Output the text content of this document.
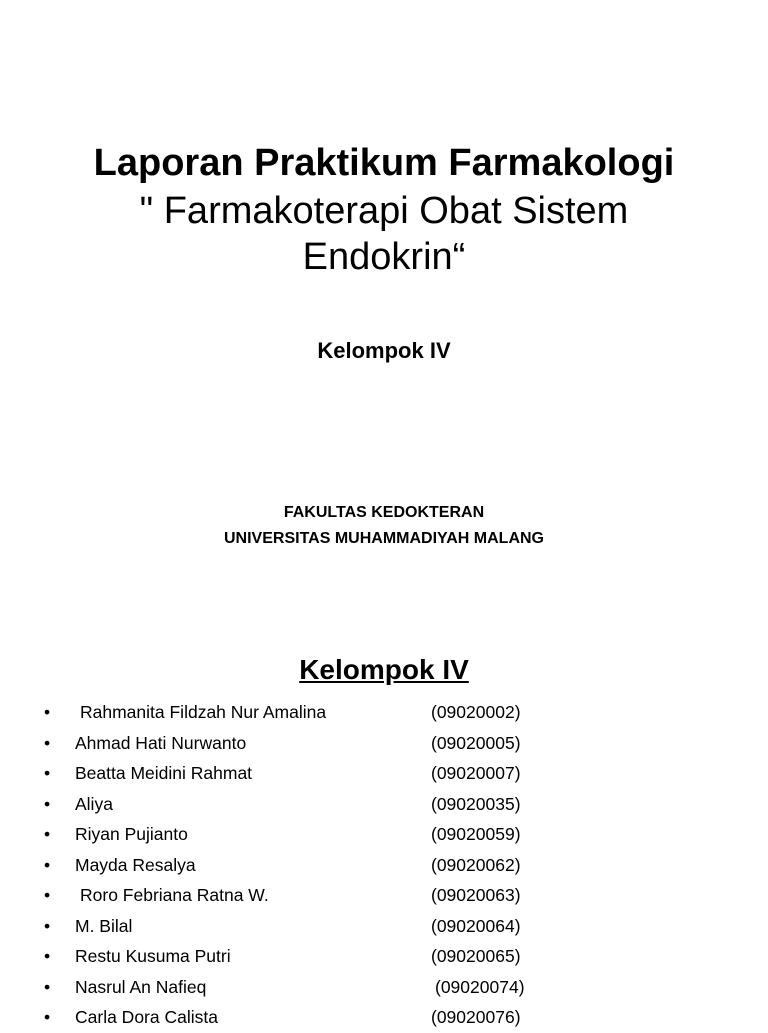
Laporan Praktikum Farmakologi
" Farmakoterapi Obat Sistem Endokrin“
Kelompok IV
FAKULTAS KEDOKTERAN
UNIVERSITAS MUHAMMADIYAH MALANG
Kelompok IV
• Rahmanita Fildzah Nur Amalina	(09020002)
• Ahmad Hati Nurwanto	(09020005)
• Beatta Meidini Rahmat	(09020007)
• Aliya	(09020035)
• Riyan Pujianto	(09020059)
• Mayda Resalya	(09020062)
• Roro Febriana Ratna W.	(09020063)
• M. Bilal	(09020064)
• Restu Kusuma Putri	(09020065)
• Nasrul An Nafieq	(09020074)
• Carla Dora Calista	(09020076)
